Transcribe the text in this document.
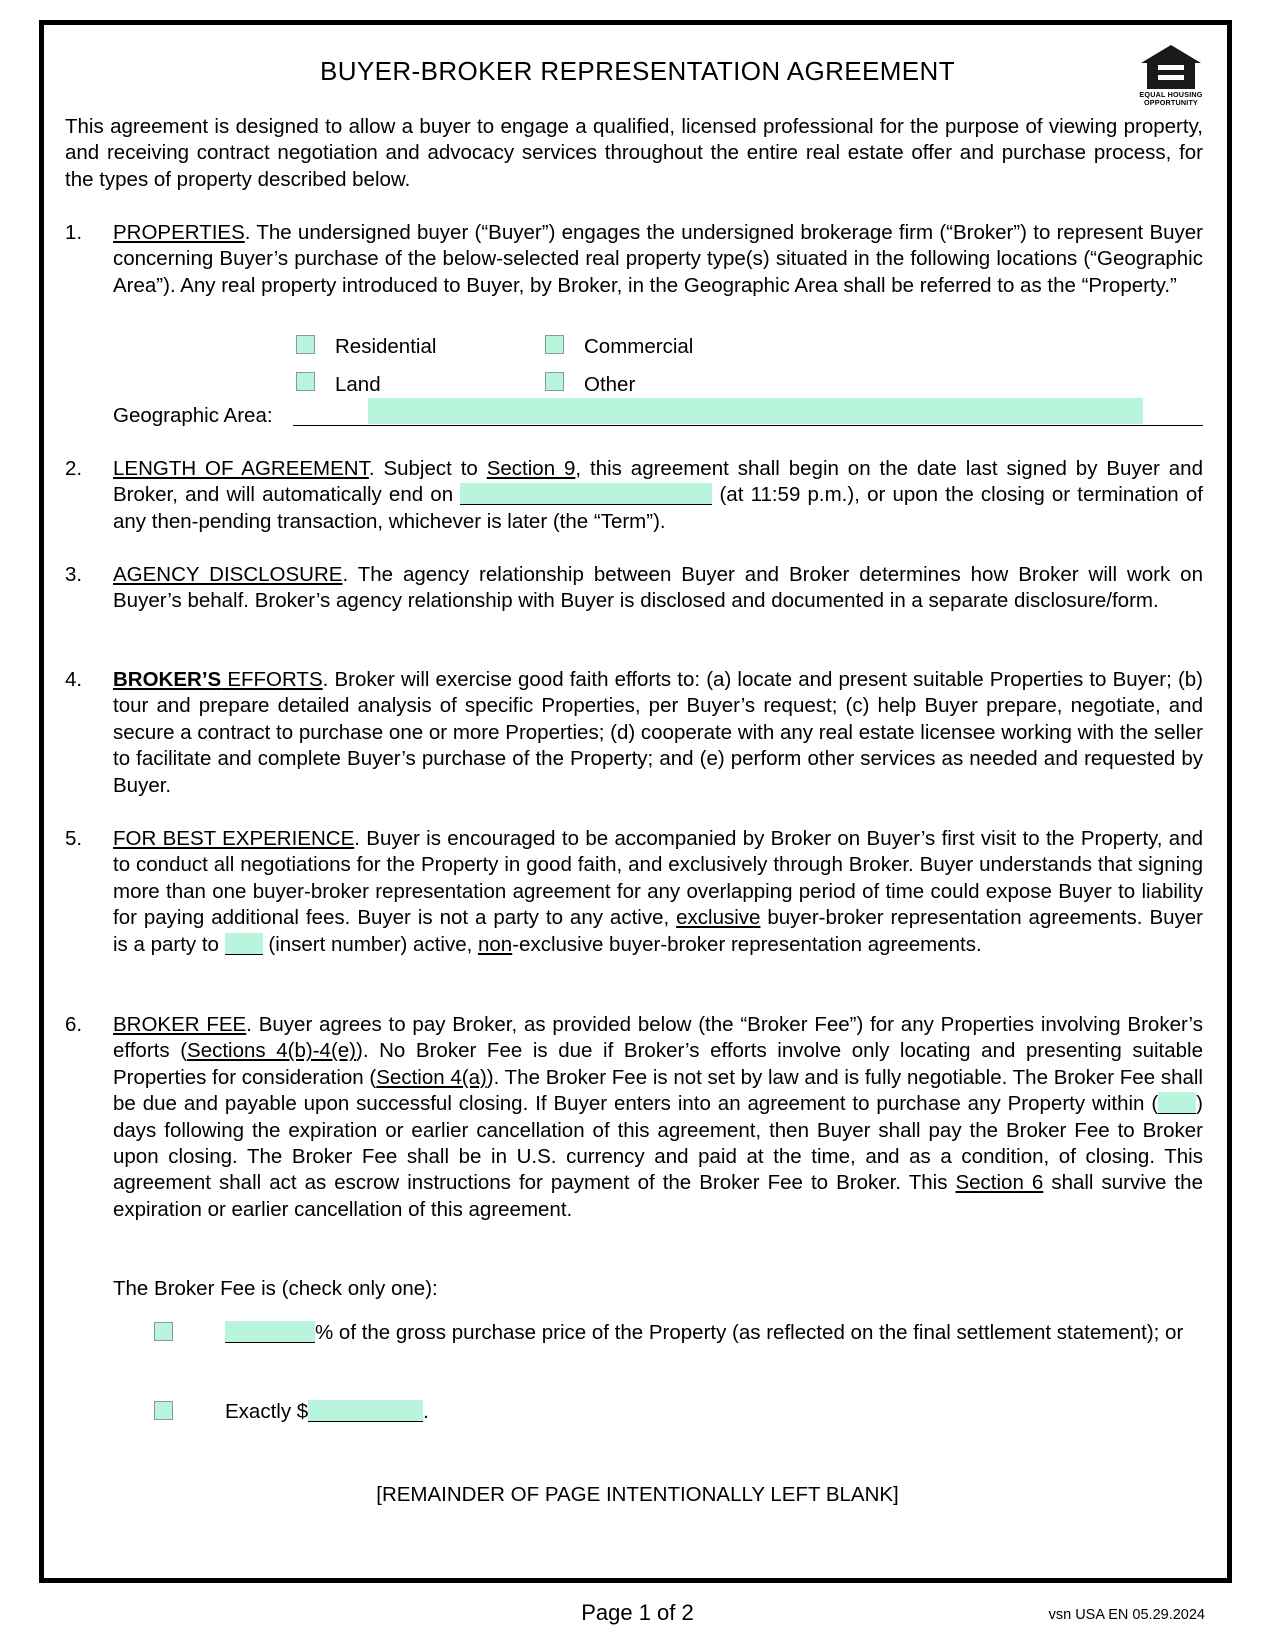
BUYER-BROKER REPRESENTATION AGREEMENT
EQUAL HOUSING
OPPORTUNITY
This agreement is designed to allow a buyer to engage a qualified, licensed professional for the purpose of viewing property, and receiving contract negotiation and advocacy services throughout the entire real estate offer and purchase process, for the types of property described below.
1. PROPERTIES. The undersigned buyer (“Buyer”) engages the undersigned brokerage firm (“Broker”) to represent Buyer concerning Buyer’s purchase of the below-selected real property type(s) situated in the following locations (“Geographic Area”). Any real property introduced to Buyer, by Broker, in the Geographic Area shall be referred to as the “Property.”
Residential	Commercial
Land	Other
Geographic Area:
2. LENGTH OF AGREEMENT. Subject to Section 9, this agreement shall begin on the date last signed by Buyer and Broker, and will automatically end on	(at 11:59 p.m.), or upon the closing or termination of any then-pending transaction, whichever is later (the “Term”).
3. AGENCY DISCLOSURE. The agency relationship between Buyer and Broker determines how Broker will work on Buyer’s behalf. Broker’s agency relationship with Buyer is disclosed and documented in a separate disclosure/form.
4. BROKER’S EFFORTS. Broker will exercise good faith efforts to: (a) locate and present suitable Properties to Buyer; (b) tour and prepare detailed analysis of specific Properties, per Buyer’s request; (c) help Buyer prepare, negotiate, and secure a contract to purchase one or more Properties; (d) cooperate with any real estate licensee working with the seller to facilitate and complete Buyer’s purchase of the Property; and (e) perform other services as needed and requested by Buyer.
5. FOR BEST EXPERIENCE. Buyer is encouraged to be accompanied by Broker on Buyer’s first visit to the Property, and to conduct all negotiations for the Property in good faith, and exclusively through Broker. Buyer understands that signing more than one buyer-broker representation agreement for any overlapping period of time could expose Buyer to liability for paying additional fees. Buyer is not a party to any active, exclusive buyer-broker representation agreements. Buyer is a party to  (insert number) active, non-exclusive buyer-broker representation agreements.
6. BROKER FEE. Buyer agrees to pay Broker, as provided below (the “Broker Fee”) for any Properties involving Broker’s efforts (Sections 4(b)-4(e)). No Broker Fee is due if Broker’s efforts involve only locating and presenting suitable Properties for consideration (Section 4(a)). The Broker Fee is not set by law and is fully negotiable. The Broker Fee shall be due and payable upon successful closing. If Buyer enters into an agreement to purchase any Property within ( ) days following the expiration or earlier cancellation of this agreement, then Buyer shall pay the Broker Fee to Broker upon closing. The Broker Fee shall be in U.S. currency and paid at the time, and as a condition, of closing. This agreement shall act as escrow instructions for payment of the Broker Fee to Broker. This Section 6 shall survive the expiration or earlier cancellation of this agreement.
The Broker Fee is (check only one):
% of the gross purchase price of the Property (as reflected on the final settlement statement); or
Exactly $	.
[REMAINDER OF PAGE INTENTIONALLY LEFT BLANK]
Page 1 of 2	vsn USA EN 05.29.2024
